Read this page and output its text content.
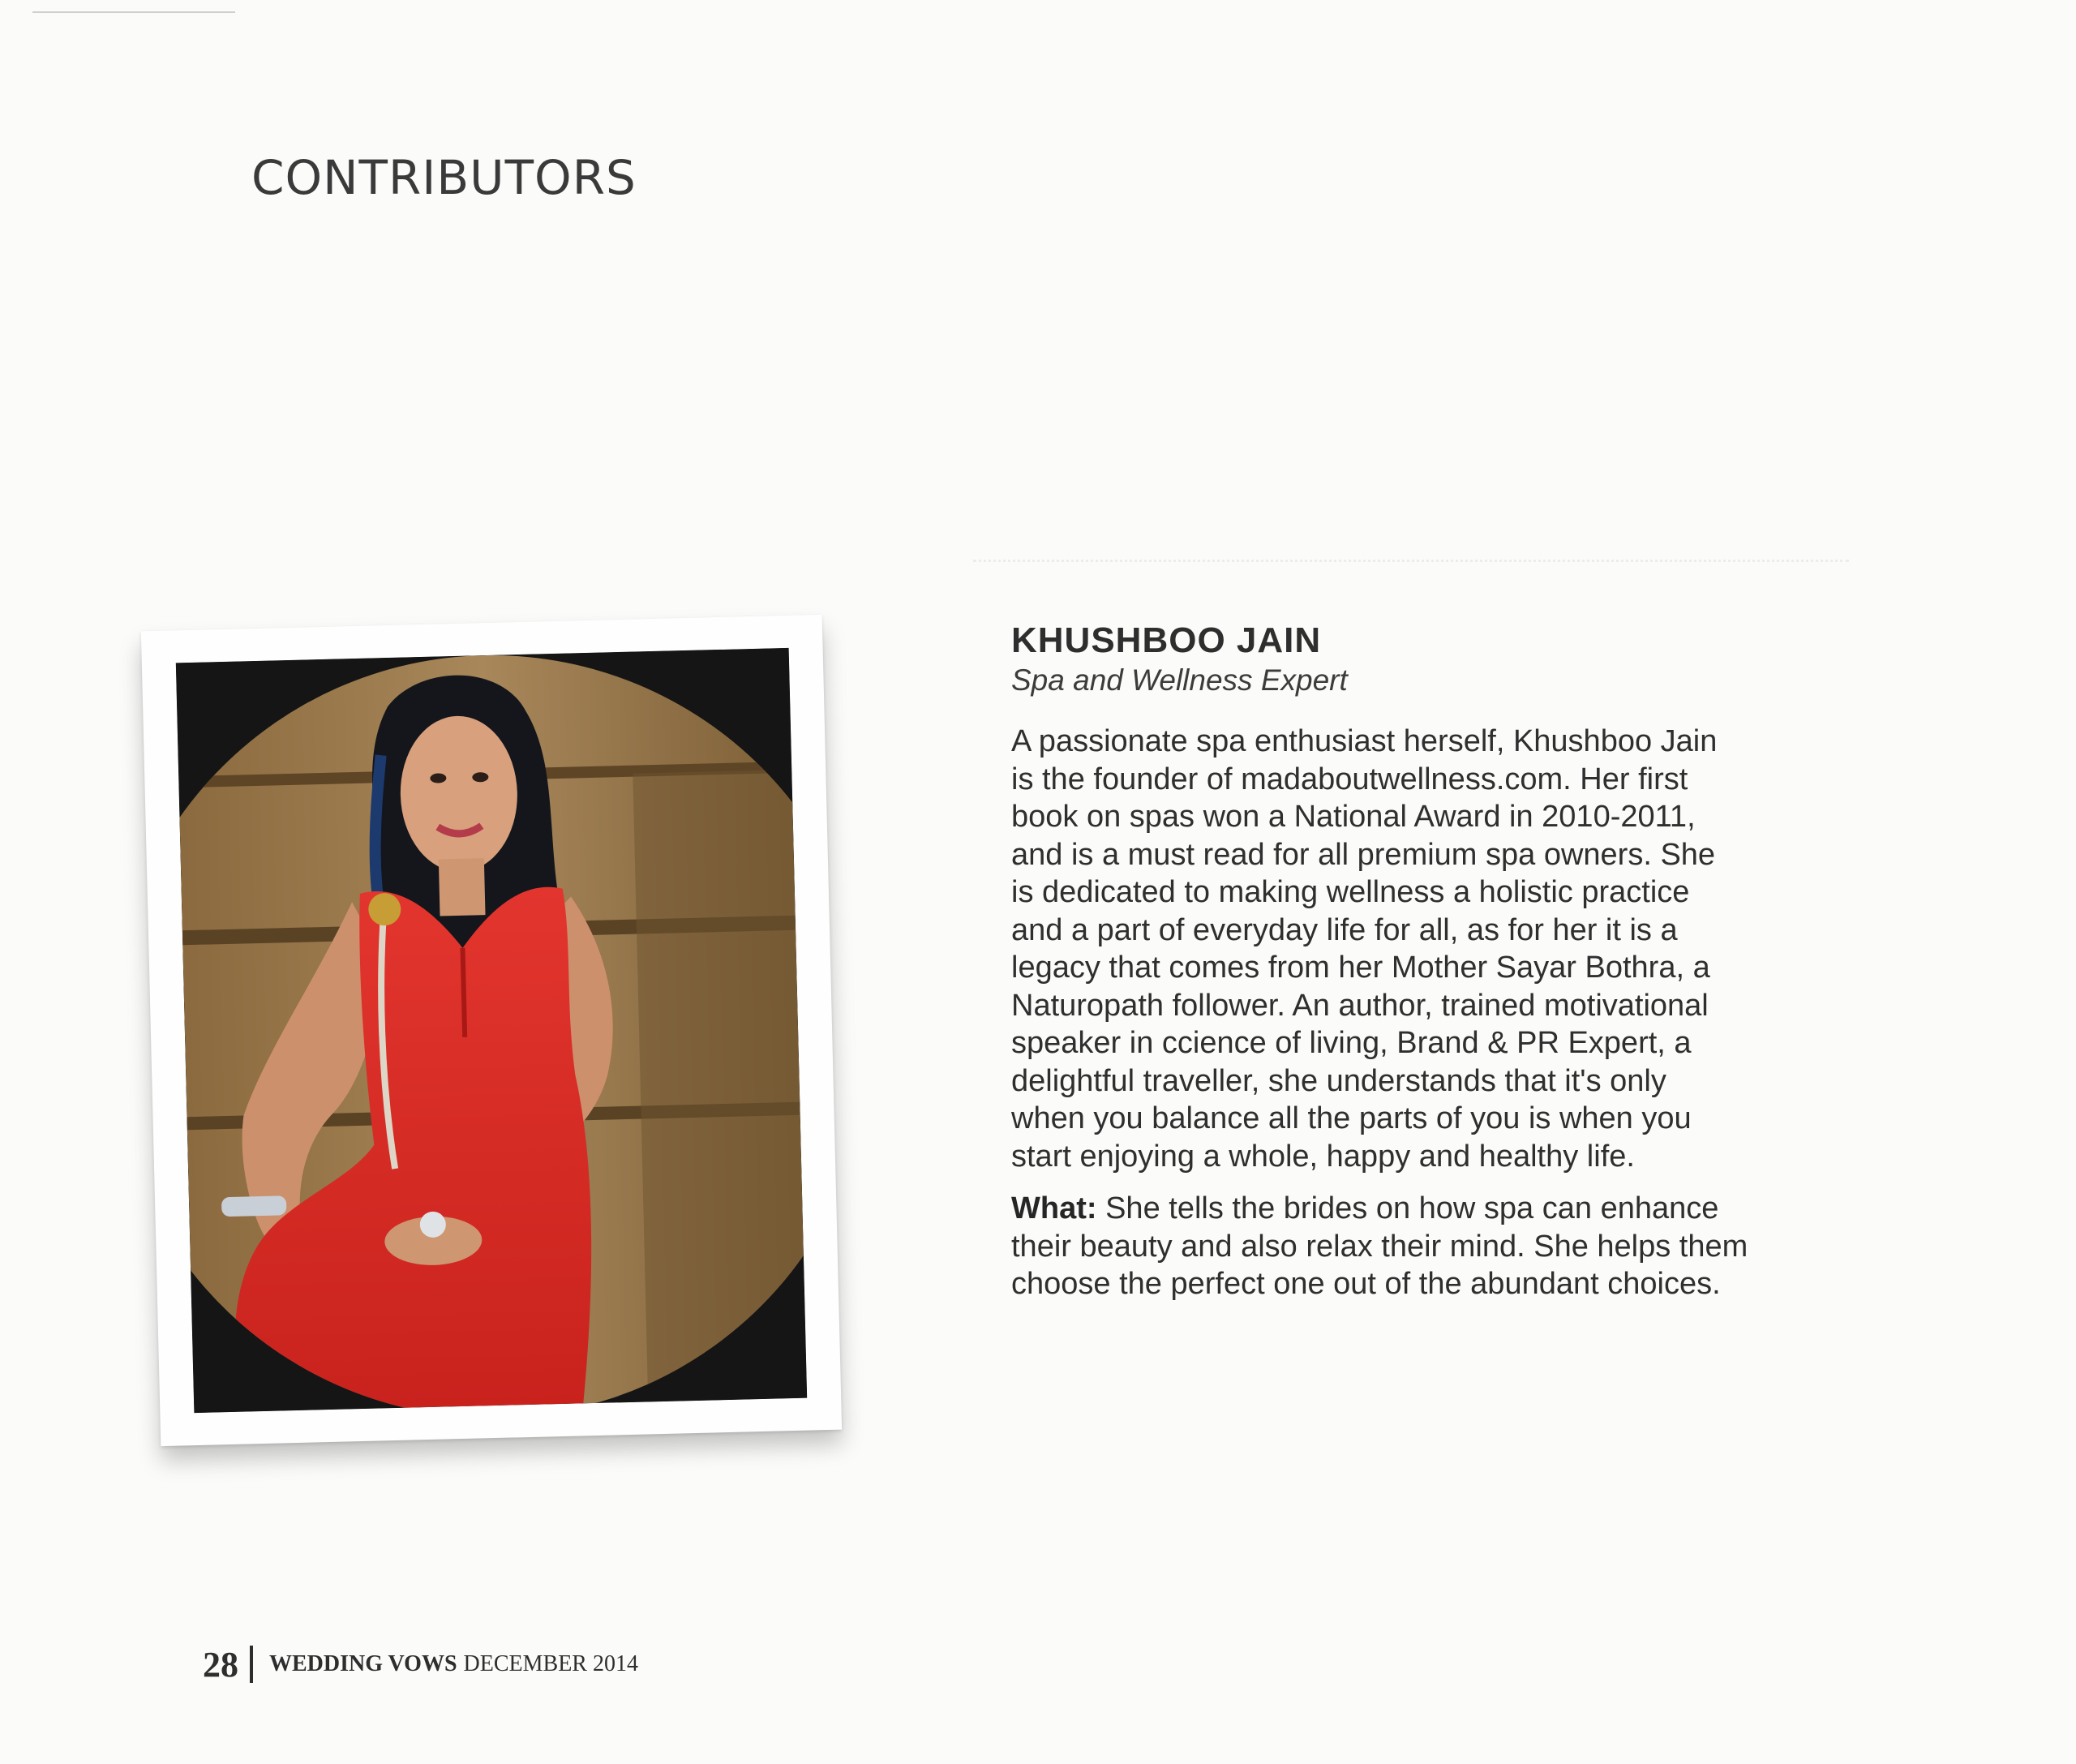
CONTRIBUTORS
KHUSHBOO JAIN

Spa and Wellness Expert

A passionate spa enthusiast herself, Khushboo Jain
is the founder of madaboutwellness.com. Her first
book on spas won a National Award in 2010-2011,
and is a must read for all premium spa owners. She
is dedicated to making wellness a holistic practice
and a part of everyday life for all, as for her it is a
legacy that comes from her Mother Sayar Bothra, a
Naturopath follower. An author, trained motivational
speaker in ccience of living, Brand & PR Expert, a
delightful traveller, she understands that it's only
when you balance all the parts of you is when you
start enjoying a whole, happy and healthy life.

What: She tells the brides on how spa can enhance
their beauty and also relax their mind. She helps them
choose the perfect one out of the abundant choices.

28 WEDDING VOWS DECEMBER 2014
